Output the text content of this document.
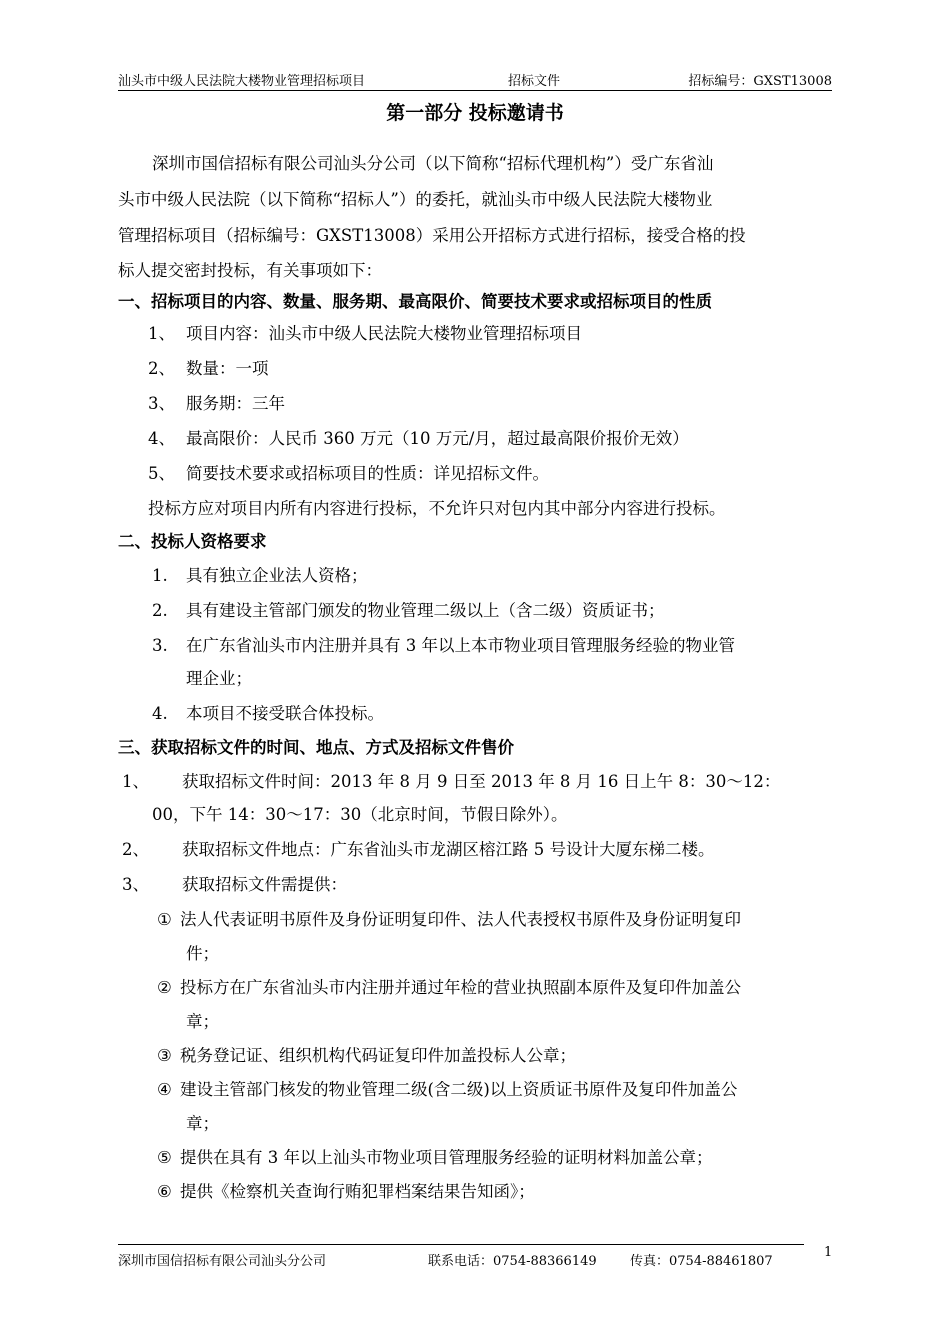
汕头市中级人民法院大楼物业管理招标项目	招标文件	招标编号：GXST13008
第一部分 投标邀请书
深圳市国信招标有限公司汕头分公司（以下简称“招标代理机构”）受广东省汕
头市中级人民法院（以下简称“招标人”）的委托，就汕头市中级人民法院大楼物业
管理招标项目（招标编号：GXST13008）采用公开招标方式进行招标，接受合格的投
标人提交密封投标，有关事项如下：
一、招标项目的内容、数量、服务期、最高限价、简要技术要求或招标项目的性质
1、 项目内容：汕头市中级人民法院大楼物业管理招标项目
2、 数量：一项
3、 服务期：三年
4、 最高限价：人民币 360 万元（10 万元/月，超过最高限价报价无效）
5、 简要技术要求或招标项目的性质：详见招标文件。
投标方应对项目内所有内容进行投标，不允许只对包内其中部分内容进行投标。
二、投标人资格要求
1. 具有独立企业法人资格；
2. 具有建设主管部门颁发的物业管理二级以上（含二级）资质证书；
3. 在广东省汕头市内注册并具有 3 年以上本市物业项目管理服务经验的物业管
理企业；
4. 本项目不接受联合体投标。
三、获取招标文件的时间、地点、方式及招标文件售价
1、 获取招标文件时间：2013 年 8 月 9 日至 2013 年 8 月 16 日上午 8：30～12：
00，下午 14：30～17：30（北京时间，节假日除外）。
2、 获取招标文件地点：广东省汕头市龙湖区榕江路 5 号设计大厦东梯二楼。
3、 获取招标文件需提供：
① 法人代表证明书原件及身份证明复印件、法人代表授权书原件及身份证明复印
件；
② 投标方在广东省汕头市内注册并通过年检的营业执照副本原件及复印件加盖公
章；
③ 税务登记证、组织机构代码证复印件加盖投标人公章；
④ 建设主管部门核发的物业管理二级(含二级)以上资质证书原件及复印件加盖公
章；
⑤ 提供在具有 3 年以上汕头市物业项目管理服务经验的证明材料加盖公章；
⑥ 提供《检察机关查询行贿犯罪档案结果告知函》；
深圳市国信招标有限公司汕头分公司	联系电话：0754-88366149	传真：0754-88461807
1
